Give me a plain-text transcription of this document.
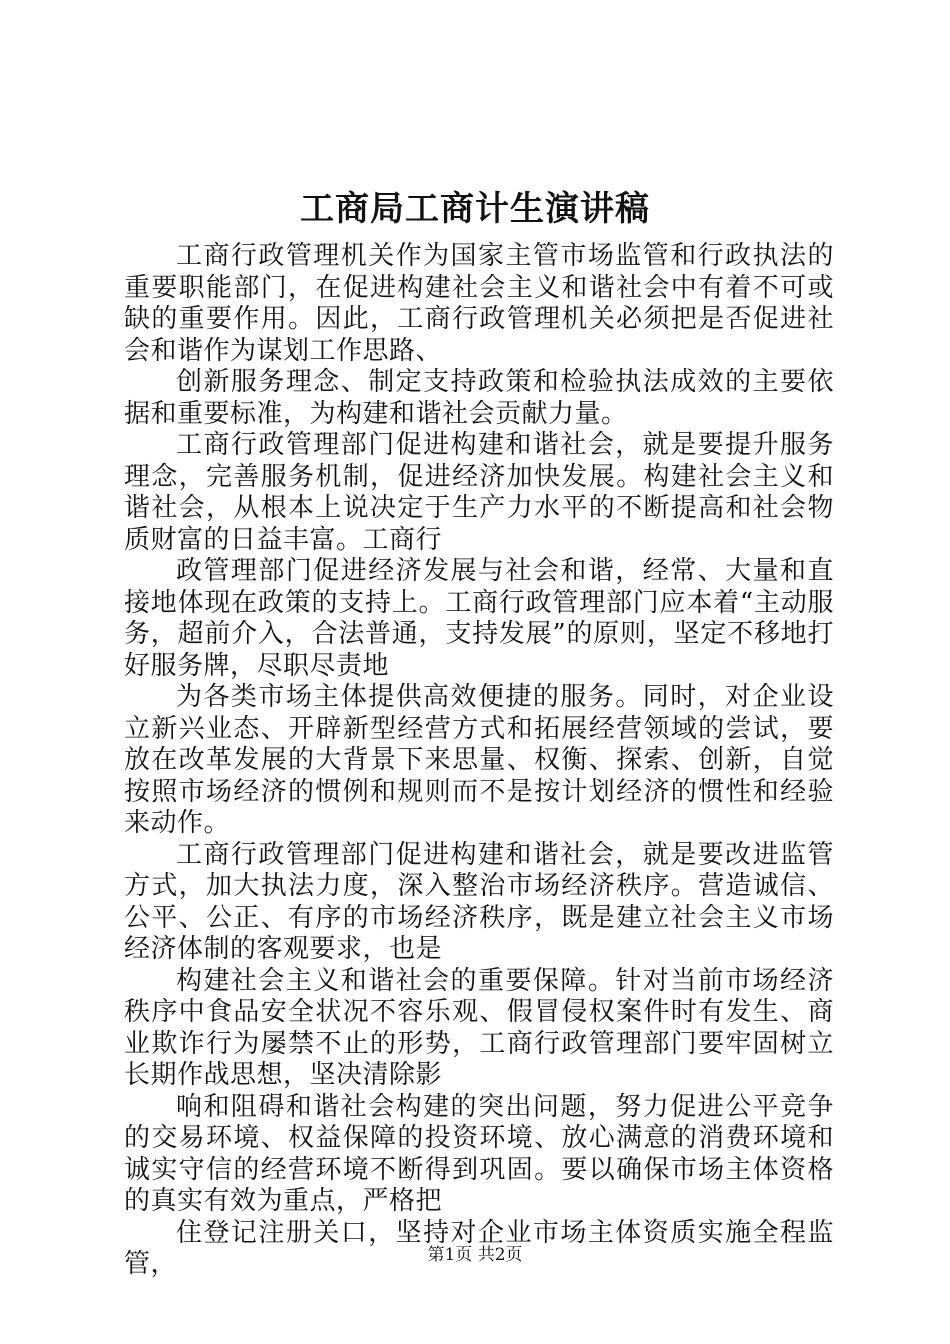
工商局工商计生演讲稿

工商行政管理机关作为国家主管市场监管和行政执法的重要职能部门，在促进构建社会主义和谐社会中有着不可或缺的重要作用。因此，工商行政管理机关必须把是否促进社会和谐作为谋划工作思路、

创新服务理念、制定支持政策和检验执法成效的主要依据和重要标准，为构建和谐社会贡献力量。

工商行政管理部门促进构建和谐社会，就是要提升服务理念，完善服务机制，促进经济加快发展。构建社会主义和谐社会，从根本上说决定于生产力水平的不断提高和社会物质财富的日益丰富。工商行

政管理部门促进经济发展与社会和谐，经常、大量和直接地体现在政策的支持上。工商行政管理部门应本着“主动服务，超前介入，合法普通，支持发展”的原则，坚定不移地打好服务牌，尽职尽责地

为各类市场主体提供高效便捷的服务。同时，对企业设立新兴业态、开辟新型经营方式和拓展经营领域的尝试，要放在改革发展的大背景下来思量、权衡、探索、创新，自觉按照市场经济的惯例和规则而不是按计划经济的惯性和经验来动作。

工商行政管理部门促进构建和谐社会，就是要改进监管方式，加大执法力度，深入整治市场经济秩序。营造诚信、公平、公正、有序的市场经济秩序，既是建立社会主义市场经济体制的客观要求，也是

构建社会主义和谐社会的重要保障。针对当前市场经济秩序中食品安全状况不容乐观、假冒侵权案件时有发生、商业欺诈行为屡禁不止的形势，工商行政管理部门要牢固树立长期作战思想，坚决清除影

响和阻碍和谐社会构建的突出问题，努力促进公平竞争的交易环境、权益保障的投资环境、放心满意的消费环境和诚实守信的经营环境不断得到巩固。要以确保市场主体资格的真实有效为重点，严格把

住登记注册关口，坚持对企业市场主体资质实施全程监管，	第1页 共2页
